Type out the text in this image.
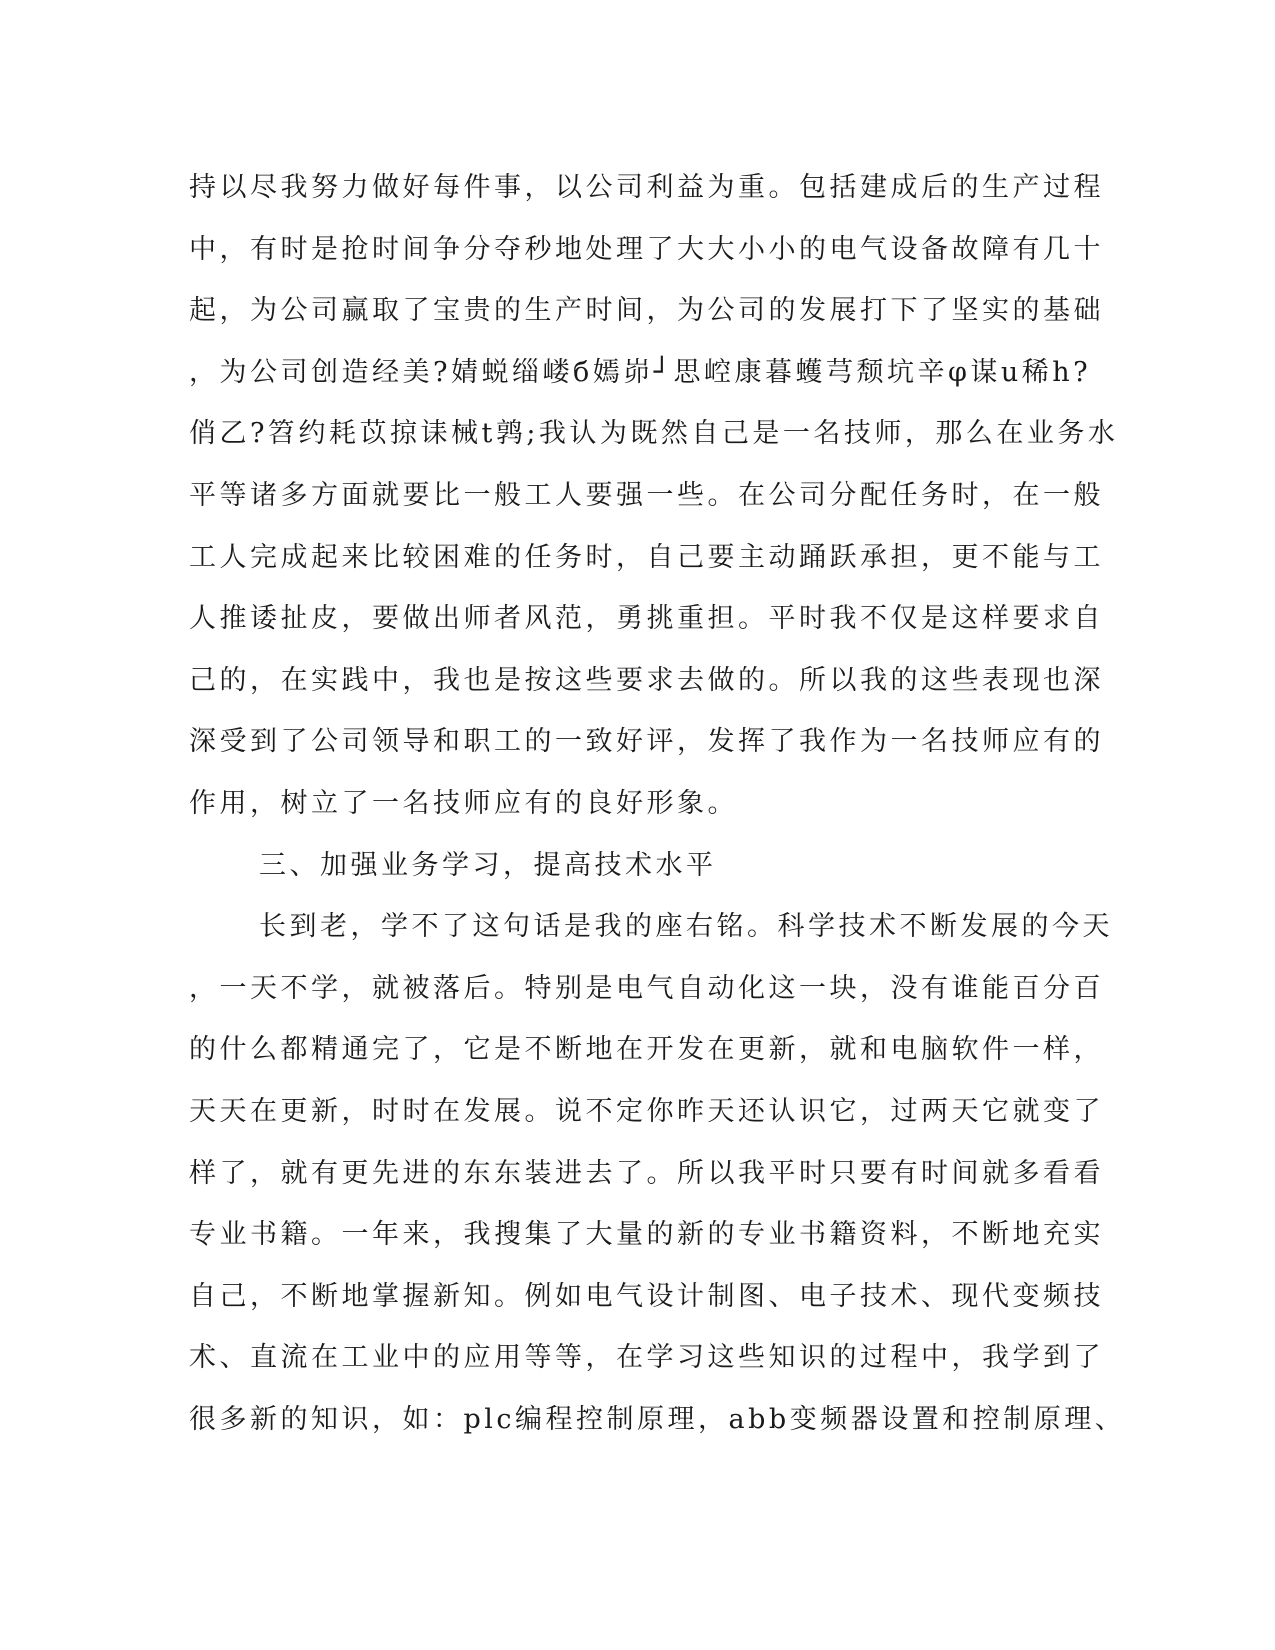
持以尽我努力做好每件事，以公司利益为重。包括建成后的生产过程
中，有时是抢时间争分夺秒地处理了大大小小的电气设备故障有几十
起，为公司赢取了宝贵的生产时间，为公司的发展打下了坚实的基础
，为公司创造经美?婧蜕缁嵝б嫣峁┘思崆康暮蠖芎颓坑辛φ谋u稀h?
俏乙?笤约耗苡掠诔械t鹑;我认为既然自己是一名技师，那么在业务水
平等诸多方面就要比一般工人要强一些。在公司分配任务时，在一般
工人完成起来比较困难的任务时，自己要主动踊跃承担，更不能与工
人推诿扯皮，要做出师者风范，勇挑重担。平时我不仅是这样要求自
己的，在实践中，我也是按这些要求去做的。所以我的这些表现也深
深受到了公司领导和职工的一致好评，发挥了我作为一名技师应有的
作用，树立了一名技师应有的良好形象。
三、加强业务学习，提高技术水平
长到老，学不了这句话是我的座右铭。科学技术不断发展的今天
，一天不学，就被落后。特别是电气自动化这一块，没有谁能百分百
的什么都精通完了，它是不断地在开发在更新，就和电脑软件一样，
天天在更新，时时在发展。说不定你昨天还认识它，过两天它就变了
样了，就有更先进的东东装进去了。所以我平时只要有时间就多看看
专业书籍。一年来，我搜集了大量的新的专业书籍资料，不断地充实
自己，不断地掌握新知。例如电气设计制图、电子技术、现代变频技
术、直流在工业中的应用等等，在学习这些知识的过程中，我学到了
很多新的知识，如：plc编程控制原理，abb变频器设置和控制原理、
